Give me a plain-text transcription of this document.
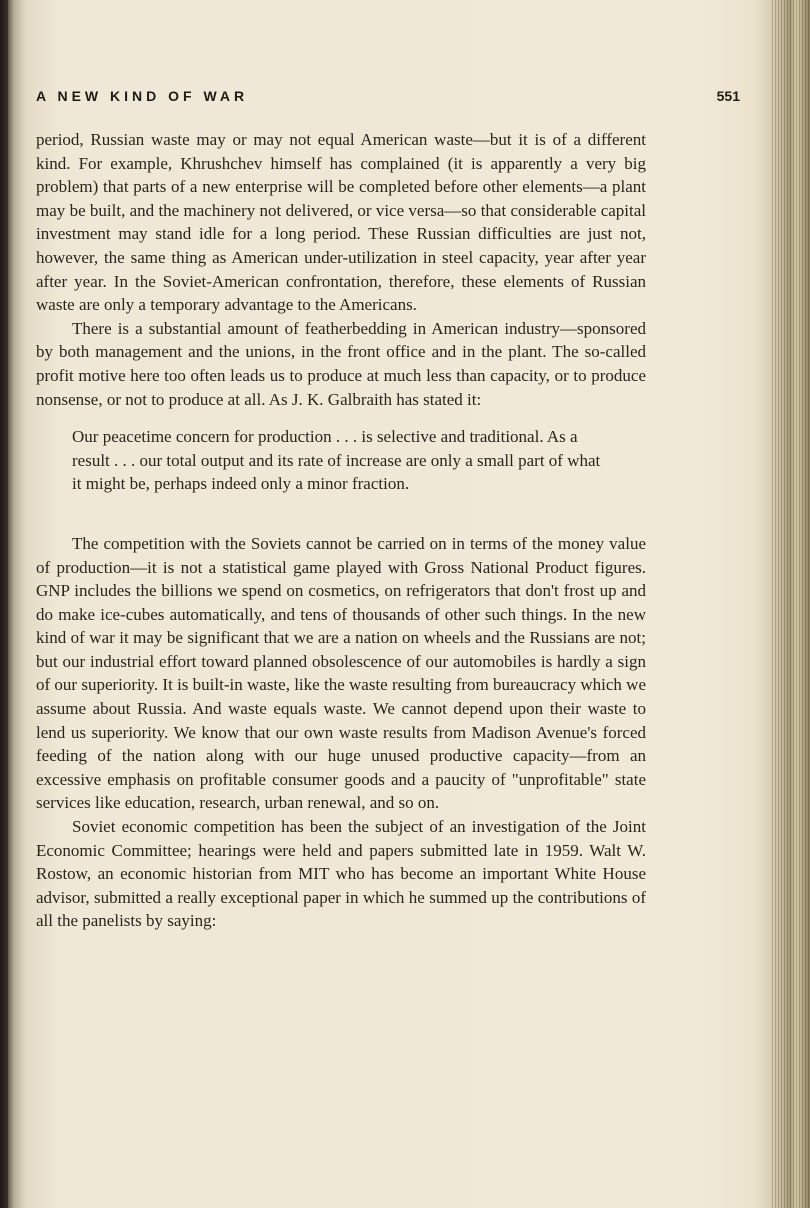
A NEW KIND OF WAR	551

period, Russian waste may or may not equal American waste—but it is of a different kind. For example, Khrushchev himself has complained (it is apparently a very big problem) that parts of a new enterprise will be completed before other elements—a plant may be built, and the machinery not delivered, or vice versa—so that considerable capital investment may stand idle for a long period. These Russian difficulties are just not, however, the same thing as American under-utilization in steel capacity, year after year after year. In the Soviet-American confrontation, therefore, these elements of Russian waste are only a temporary advantage to the Americans.

There is a substantial amount of featherbedding in American industry—sponsored by both management and the unions, in the front office and in the plant. The so-called profit motive here too often leads us to produce at much less than capacity, or to produce nonsense, or not to produce at all. As J. K. Galbraith has stated it:

Our peacetime concern for production . . . is selective and traditional. As a result . . . our total output and its rate of increase are only a small part of what it might be, perhaps indeed only a minor fraction.

The competition with the Soviets cannot be carried on in terms of the money value of production—it is not a statistical game played with Gross National Product figures. GNP includes the billions we spend on cosmetics, on refrigerators that don't frost up and do make ice-cubes automatically, and tens of thousands of other such things. In the new kind of war it may be significant that we are a nation on wheels and the Russians are not; but our industrial effort toward planned obsolescence of our automobiles is hardly a sign of our superiority. It is built-in waste, like the waste resulting from bureaucracy which we assume about Russia. And waste equals waste. We cannot depend upon their waste to lend us superiority. We know that our own waste results from Madison Avenue's forced feeding of the nation along with our huge unused productive capacity—from an excessive emphasis on profitable consumer goods and a paucity of "unprofitable" state services like education, research, urban renewal, and so on.

Soviet economic competition has been the subject of an investigation of the Joint Economic Committee; hearings were held and papers submitted late in 1959. Walt W. Rostow, an economic historian from MIT who has become an important White House advisor, submitted a really exceptional paper in which he summed up the contributions of all the panelists by saying:
